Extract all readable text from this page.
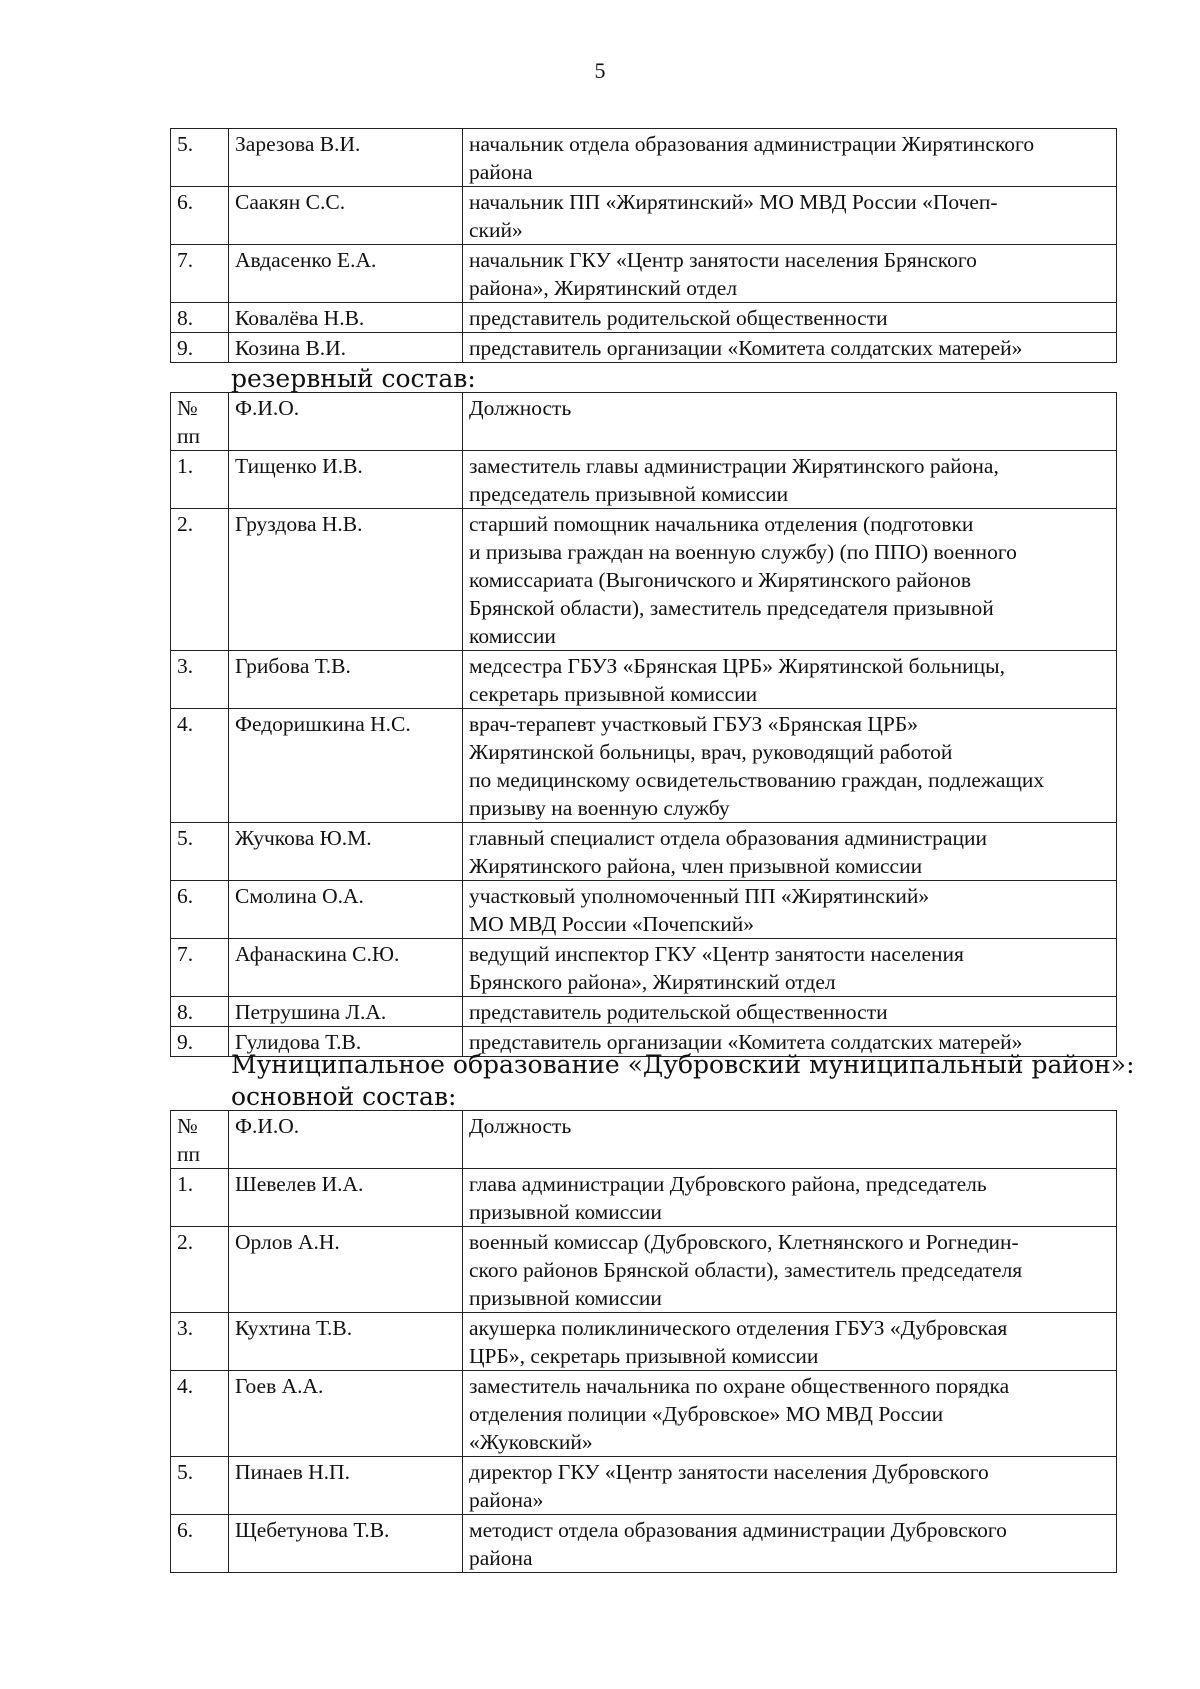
5
5.	Зарезова В.И.	начальник отдела образования администрации Жирятинского
района
6.	Саакян С.С.	начальник ПП «Жирятинский» МО МВД России «Почеп-
ский»
7.	Авдасенко Е.А.	начальник ГКУ «Центр занятости населения Брянского
района», Жирятинский отдел
8.	Ковалёва Н.В.	представитель родительской общественности
9.	Козина В.И.	представитель организации «Комитета солдатских матерей»
резервный состав:
№
пп	Ф.И.О.	Должность
1.	Тищенко И.В.	заместитель главы администрации Жирятинского района,
председатель призывной комиссии
2.	Груздова Н.В.	старший помощник начальника отделения (подготовки
и призыва граждан на военную службу) (по ППО) военного
комиссариата (Выгоничского и Жирятинского районов
Брянской области), заместитель председателя призывной
комиссии
3.	Грибова Т.В.	медсестра ГБУЗ «Брянская ЦРБ» Жирятинской больницы,
секретарь призывной комиссии
4.	Федоришкина Н.С.	врач-терапевт участковый ГБУЗ «Брянская ЦРБ»
Жирятинской больницы, врач, руководящий работой
по медицинскому освидетельствованию граждан, подлежащих
призыву на военную службу
5.	Жучкова Ю.М.	главный специалист отдела образования администрации
Жирятинского района, член призывной комиссии
6.	Смолина О.А.	участковый уполномоченный ПП «Жирятинский»
МО МВД России «Почепский»
7.	Афанаскина С.Ю.	ведущий инспектор ГКУ «Центр занятости населения
Брянского района», Жирятинский отдел
8.	Петрушина Л.А.	представитель родительской общественности
9.	Гулидова Т.В.	представитель организации «Комитета солдатских матерей»
Муниципальное образование «Дубровский муниципальный район»:
основной состав:
№
пп	Ф.И.О.	Должность
1.	Шевелев И.А.	глава администрации Дубровского района, председатель
призывной комиссии
2.	Орлов А.Н.	военный комиссар (Дубровского, Клетнянского и Рогнедин-
ского районов Брянской области), заместитель председателя
призывной комиссии
3.	Кухтина Т.В.	акушерка поликлинического отделения ГБУЗ «Дубровская
ЦРБ», секретарь призывной комиссии
4.	Гоев А.А.	заместитель начальника по охране общественного порядка
отделения полиции «Дубровское» МО МВД России
«Жуковский»
5.	Пинаев Н.П.	директор ГКУ «Центр занятости населения Дубровского
района»
6.	Щебетунова Т.В.	методист отдела образования администрации Дубровского
района
